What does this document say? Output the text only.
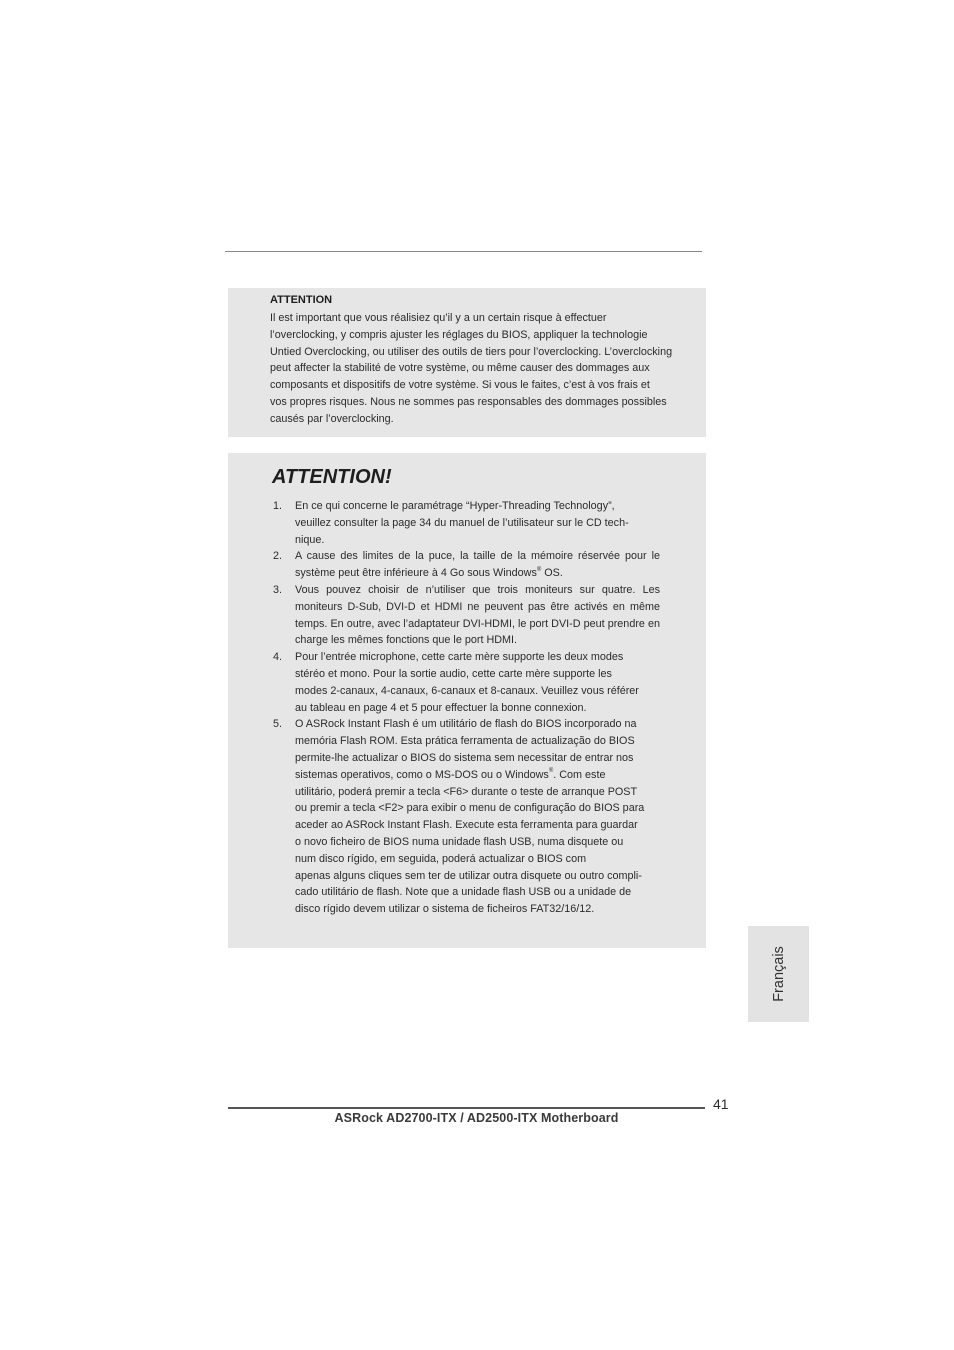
ATTENTION

Il est important que vous réalisiez qu’il y a un certain risque à effectuer
l’overclocking, y compris ajuster les réglages du BIOS, appliquer la technologie
Untied Overclocking, ou utiliser des outils de tiers pour l’overclocking. L’overclocking
peut affecter la stabilité de votre système, ou même causer des dommages aux
composants et dispositifs de votre système. Si vous le faites, c’est à vos frais et
vos propres risques. Nous ne sommes pas responsables des dommages possibles
causés par l’overclocking.

ATTENTION!
1. En ce qui concerne le paramétrage “Hyper-Threading Technology”,
veuillez consulter la page 34 du manuel de l’utilisateur sur le CD tech-
nique.
2. A cause des limites de la puce, la taille de la mémoire réservée pour le système peut être inférieure à 4 Go sous Windows® OS.
3. Vous pouvez choisir de n’utiliser que trois moniteurs sur quatre. Les moniteurs D-Sub, DVI-D et HDMI ne peuvent pas être activés en même temps. En outre, avec l’adaptateur DVI-HDMI, le port DVI-D peut prendre en charge les mêmes fonctions que le port HDMI.
4. Pour l’entrée microphone, cette carte mère supporte les deux modes
stéréo et mono. Pour la sortie audio, cette carte mère supporte les
modes 2-canaux, 4-canaux, 6-canaux et 8-canaux. Veuillez vous référer
au tableau en page 4 et 5 pour effectuer la bonne connexion.
5. O ASRock Instant Flash é um utilitário de flash do BIOS incorporado na
memória Flash ROM. Esta prática ferramenta de actualização do BIOS
permite-lhe actualizar o BIOS do sistema sem necessitar de entrar nos
sistemas operativos, como o MS-DOS ou o Windows®. Com este
utilitário, poderá premir a tecla <F6> durante o teste de arranque POST
ou premir a tecla <F2> para exibir o menu de configuração do BIOS para
aceder ao ASRock Instant Flash. Execute esta ferramenta para guardar
o novo ficheiro de BIOS numa unidade flash USB, numa disquete ou
num disco rígido, em seguida, poderá actualizar o BIOS com
apenas alguns cliques sem ter de utilizar outra disquete ou outro compli-
cado utilitário de flash. Note que a unidade flash USB ou a unidade de
disco rígido devem utilizar o sistema de ficheiros FAT32/16/12.
Français
41
ASRock AD2700-ITX / AD2500-ITX Motherboard
